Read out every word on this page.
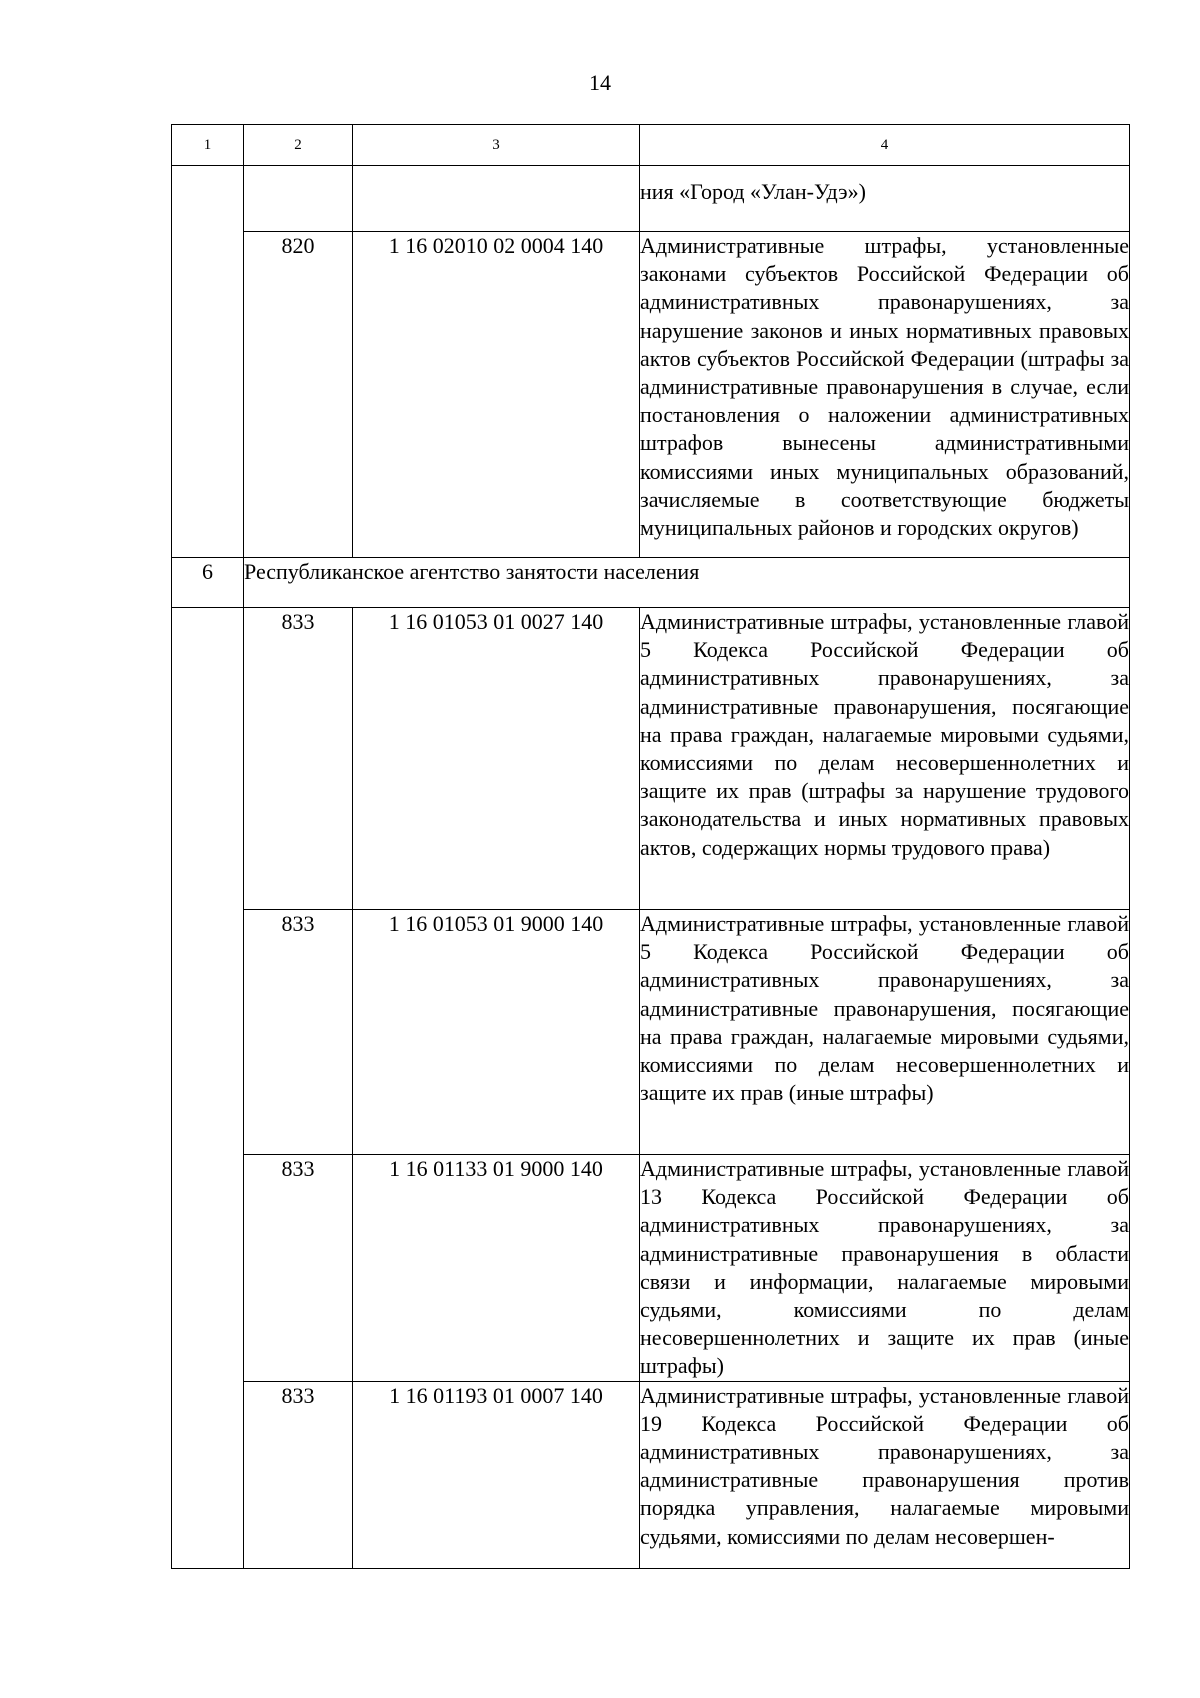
14
1	2	3	4
			ния «Город «Улан-Удэ»)
	820	1 16 02010 02 0004 140	Административные штрафы, установленные законами субъектов Российской Федерации об административных правонарушениях, за нарушение законов и иных нормативных правовых актов субъектов Российской Федерации (штрафы за административные правонарушения в случае, если постановления о наложении административных штрафов вынесены административными комиссиями иных муниципальных образований, зачисляемые в соответствующие бюджеты муниципальных районов и городских округов)
6	Республиканское агентство занятости населения		
	833	1 16 01053 01 0027 140	Административные штрафы, установленные главой 5 Кодекса Российской Федерации об административных правонарушениях, за административные правонарушения, посягающие на права граждан, налагаемые мировыми судьями, комиссиями по делам несовершеннолетних и защите их прав (штрафы за нарушение трудового законодательства и иных нормативных правовых актов, содержащих нормы трудового права)
	833	1 16 01053 01 9000 140	Административные штрафы, установленные главой 5 Кодекса Российской Федерации об административных правонарушениях, за административные правонарушения, посягающие на права граждан, налагаемые мировыми судьями, комиссиями по делам несовершеннолетних и защите их прав (иные штрафы)
	833	1 16 01133 01 9000 140	Административные штрафы, установленные главой 13 Кодекса Российской Федерации об административных правонарушениях, за административные правонарушения в области связи и информации, налагаемые мировыми судьями, комиссиями по делам несовершеннолетних и защите их прав (иные штрафы)
	833	1 16 01193 01 0007 140	Административные штрафы, установленные главой 19 Кодекса Российской Федерации об административных правонарушениях, за административные правонарушения против порядка управления, налагаемые мировыми судьями, комиссиями по делам несовершен-
